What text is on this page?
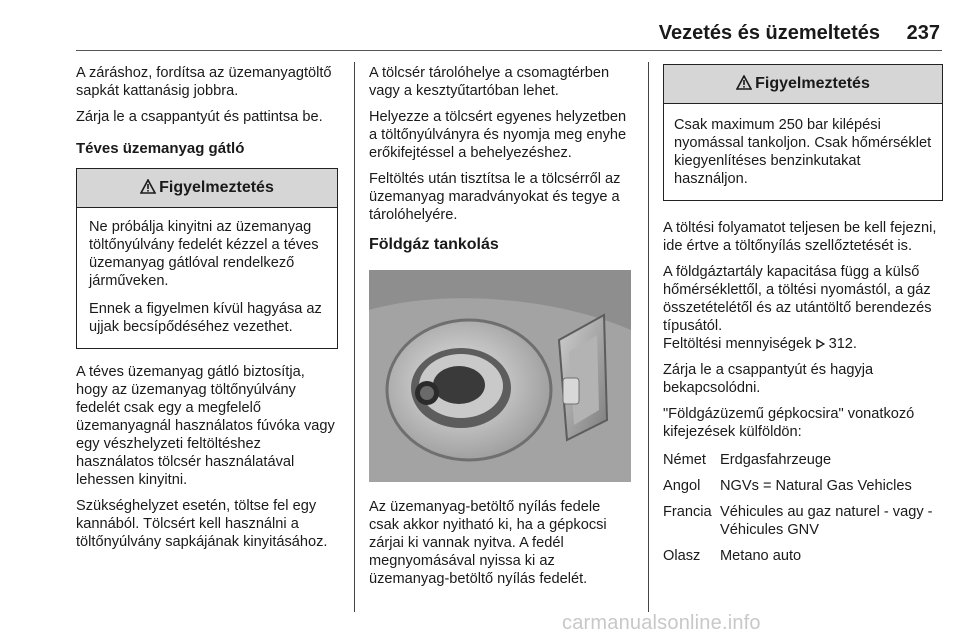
Vezetés és üzemeltetés	237

A záráshoz, fordítsa az üzemanyagtöltő sapkát kattanásig jobbra.

Zárja le a csappantyút és pattintsa be.

Téves üzemanyag gátló
Figyelmeztetés

Ne próbálja kinyitni az üzemanyag töltőnyúlvány fedelét kézzel a téves üzemanyag gátlóval rendelkező járműveken.

Ennek a figyelmen kívül hagyása az ujjak becsípődéséhez vezethet.

A téves üzemanyag gátló biztosítja, hogy az üzemanyag töltőnyúlvány fedelét csak egy a megfelelő üzemanyagnál használatos fúvóka vagy egy vészhelyzeti feltöltéshez használatos tölcsér használatával lehessen kinyitni.

Szükséghelyzet esetén, töltse fel egy kannából. Tölcsért kell használni a töltőnyúlvány sapkájának kinyitásához.

A tölcsér tárolóhelye a csomagtérben vagy a kesztyűtartóban lehet.

Helyezze a tölcsért egyenes helyzetben a töltőnyúlványra és nyomja meg enyhe erőkifejtéssel a behelyezéshez.

Feltöltés után tisztítsa le a tölcsérről az üzemanyag maradványokat és tegye a tárolóhelyére.

Földgáz tankolás

Az üzemanyag-betöltő nyílás fedele csak akkor nyitható ki, ha a gépkocsi zárjai ki vannak nyitva. A fedél megnyomásával nyissa ki az üzemanyag-betöltő nyílás fedelét.

Figyelmeztetés

Csak maximum 250 bar kilépési nyomással tankoljon. Csak hőmérséklet kiegyenlítéses benzinkutakat használjon.

A töltési folyamatot teljesen be kell fejezni, ide értve a töltőnyílás szellőztetését is.

A földgáztartály kapacitása függ a külső hőmérséklettől, a töltési nyomástól, a gáz összetételétől és az utántöltő berendezés típusától.

Feltöltési mennyiségek 312.

Zárja le a csappantyút és hagyja bekapcsolódni.

"Földgázüzemű gépkocsira" vonatkozó kifejezések külföldön:

Német Erdgasfahrzeuge
Angol	NGVs = Natural Gas Vehicles
Francia Véhicules au gaz naturel - vagy - Véhicules GNV
Olasz	Metano auto
carmanualsonline.info
